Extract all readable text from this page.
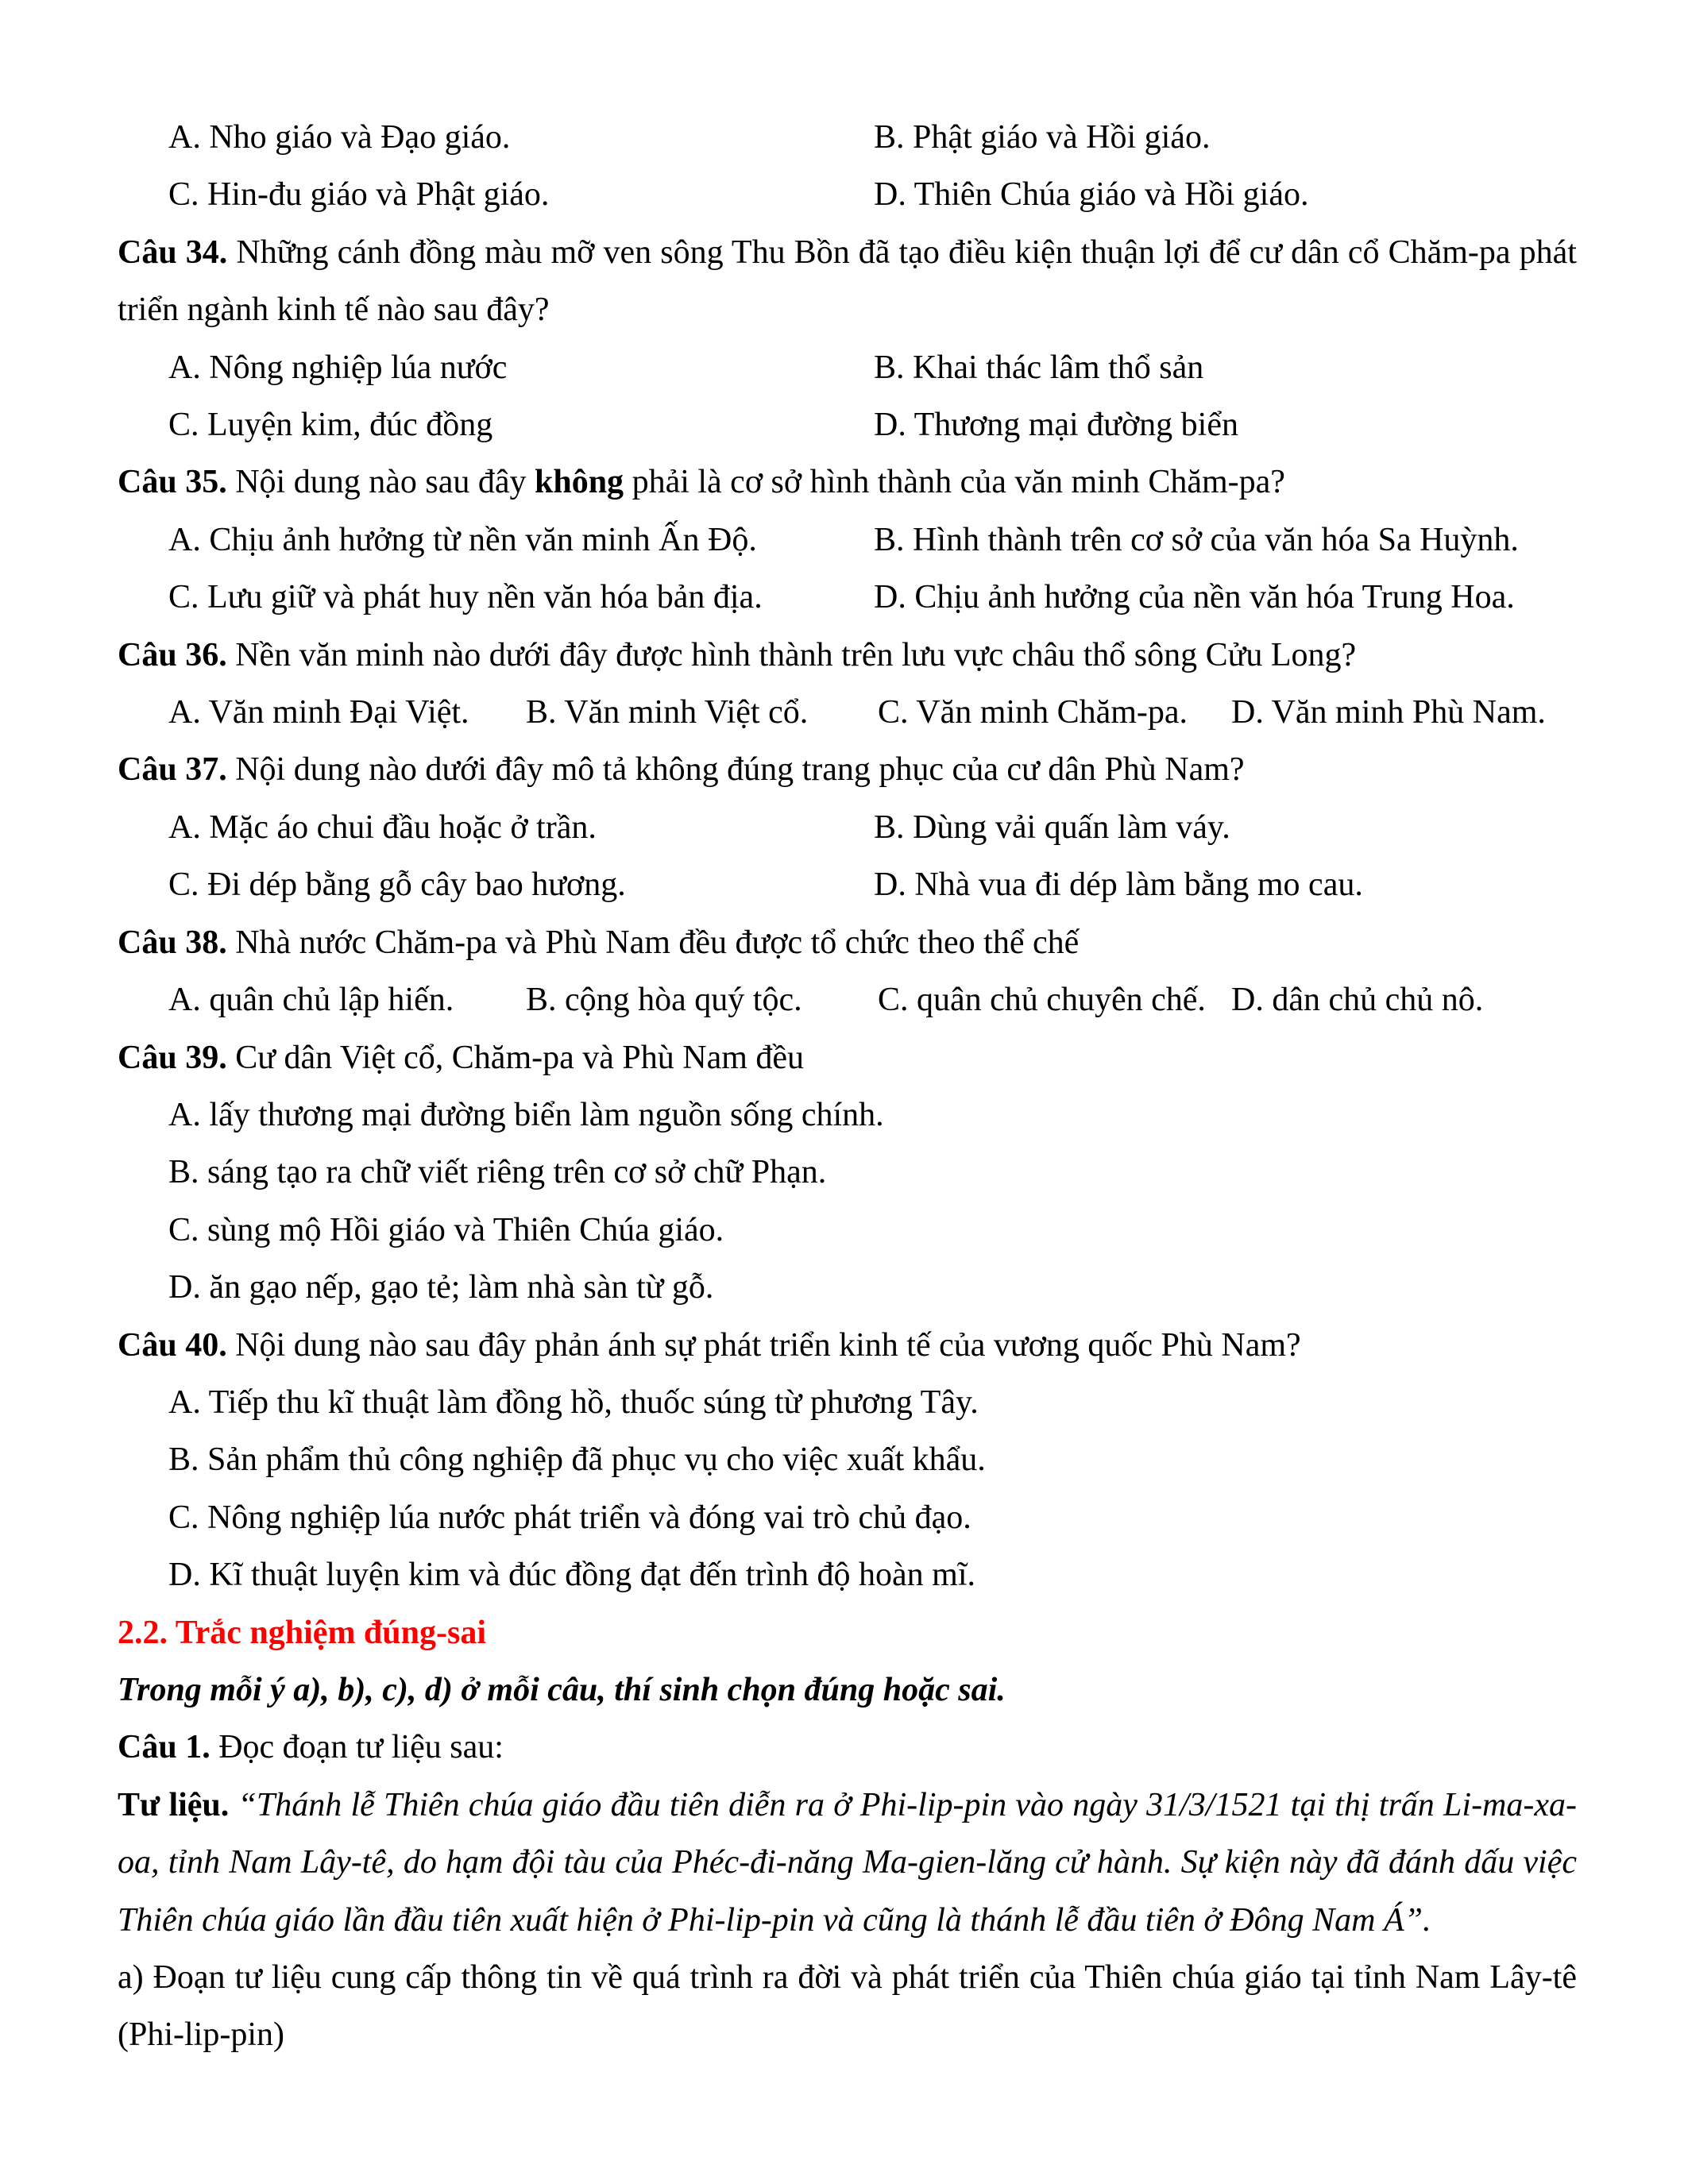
A. Nho giáo và Đạo giáo.	B. Phật giáo và Hồi giáo.
C. Hin-đu giáo và Phật giáo.	D. Thiên Chúa giáo và Hồi giáo.

Câu 34. Những cánh đồng màu mỡ ven sông Thu Bồn đã tạo điều kiện thuận lợi để cư dân cổ Chăm-pa phát triển ngành kinh tế nào sau đây?

A. Nông nghiệp lúa nước	B. Khai thác lâm thổ sản
C. Luyện kim, đúc đồng	D. Thương mại đường biển

Câu 35. Nội dung nào sau đây không phải là cơ sở hình thành của văn minh Chăm-pa?

A. Chịu ảnh hưởng từ nền văn minh Ấn Độ.	B. Hình thành trên cơ sở của văn hóa Sa Huỳnh.
C. Lưu giữ và phát huy nền văn hóa bản địa.	D. Chịu ảnh hưởng của nền văn hóa Trung Hoa.

Câu 36. Nền văn minh nào dưới đây được hình thành trên lưu vực châu thổ sông Cửu Long?

A. Văn minh Đại Việt.	B. Văn minh Việt cổ.	C. Văn minh Chăm-pa.	D. Văn minh Phù Nam.

Câu 37. Nội dung nào dưới đây mô tả không đúng trang phục của cư dân Phù Nam?

A. Mặc áo chui đầu hoặc ở trần.	B. Dùng vải quấn làm váy.
C. Đi dép bằng gỗ cây bao hương.	D. Nhà vua đi dép làm bằng mo cau.

Câu 38. Nhà nước Chăm-pa và Phù Nam đều được tổ chức theo thể chế

A. quân chủ lập hiến.	B. cộng hòa quý tộc.	C. quân chủ chuyên chế. D. dân chủ chủ nô.

Câu 39. Cư dân Việt cổ, Chăm-pa và Phù Nam đều

A. lấy thương mại đường biển làm nguồn sống chính.

B. sáng tạo ra chữ viết riêng trên cơ sở chữ Phạn.

C. sùng mộ Hồi giáo và Thiên Chúa giáo.

D. ăn gạo nếp, gạo tẻ; làm nhà sàn từ gỗ.

Câu 40. Nội dung nào sau đây phản ánh sự phát triển kinh tế của vương quốc Phù Nam?

A. Tiếp thu kĩ thuật làm đồng hồ, thuốc súng từ phương Tây.

B. Sản phẩm thủ công nghiệp đã phục vụ cho việc xuất khẩu.

C. Nông nghiệp lúa nước phát triển và đóng vai trò chủ đạo.

D. Kĩ thuật luyện kim và đúc đồng đạt đến trình độ hoàn mĩ.

2.2. Trắc nghiệm đúng-sai

Trong mỗi ý a), b), c), d) ở mỗi câu, thí sinh chọn đúng hoặc sai.

Câu 1. Đọc đoạn tư liệu sau:

Tư liệu. “Thánh lễ Thiên chúa giáo đầu tiên diễn ra ở Phi-lip-pin vào ngày 31/3/1521 tại thị trấn Li-ma-xa-oa, tỉnh Nam Lây-tê, do hạm đội tàu của Phéc-đi-năng Ma-gien-lăng cử hành. Sự kiện này đã đánh dấu việc Thiên chúa giáo lần đầu tiên xuất hiện ở Phi-lip-pin và cũng là thánh lễ đầu tiên ở Đông Nam Á”.

a) Đoạn tư liệu cung cấp thông tin về quá trình ra đời và phát triển của Thiên chúa giáo tại tỉnh Nam Lây-tê (Phi-lip-pin)
